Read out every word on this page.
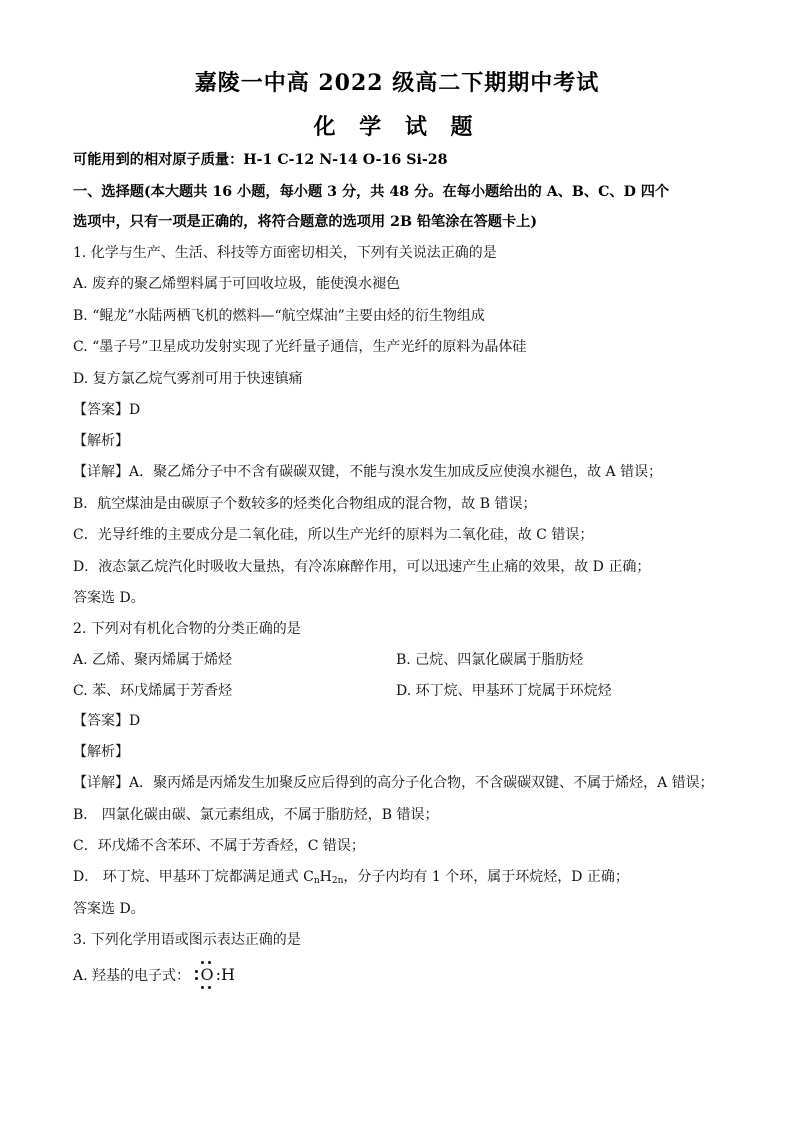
嘉陵一中高 2022 级高二下期期中考试
化 学 试 题
可能用到的相对原子质量：H-1 C-12 N-14 O-16 Si-28
一、选择题(本大题共 16 小题，每小题 3 分，共 48 分。在每小题给出的 A、B、C、D 四个
选项中，只有一项是正确的，将符合题意的选项用 2B 铅笔涂在答题卡上)
1. 化学与生产、生活、科技等方面密切相关，下列有关说法正确的是
A. 废弃的聚乙烯塑料属于可回收垃圾，能使溴水褪色
B. “鲲龙”水陆两栖飞机的燃料—“航空煤油”主要由烃的衍生物组成
C. “墨子号”卫星成功发射实现了光纤量子通信，生产光纤的原料为晶体硅
D. 复方氯乙烷气雾剂可用于快速镇痛
【答案】D
【解析】
【详解】A．聚乙烯分子中不含有碳碳双键，不能与溴水发生加成反应使溴水褪色，故 A 错误；
B．航空煤油是由碳原子个数较多的烃类化合物组成的混合物，故 B 错误；
C．光导纤维的主要成分是二氧化硅，所以生产光纤的原料为二氧化硅，故 C 错误；
D．液态氯乙烷汽化时吸收大量热，有冷冻麻醉作用，可以迅速产生止痛的效果，故 D 正确；
答案选 D。
2. 下列对有机化合物的分类正确的是
A. 乙烯、聚丙烯属于烯烃	B. 己烷、四氯化碳属于脂肪烃
C. 苯、环戊烯属于芳香烃	D. 环丁烷、甲基环丁烷属于环烷烃
【答案】D
【解析】
【详解】A．聚丙烯是丙烯发生加聚反应后得到的高分子化合物，不含碳碳双键、不属于烯烃，A 错误；
B． 四氯化碳由碳、氯元素组成，不属于脂肪烃，B 错误；
C．环戊烯不含苯环、不属于芳香烃，C 错误；
D． 环丁烷、甲基环丁烷都满足通式 $C_nH_{2n}$，分子内均有 1 个环，属于环烷烃，D 正确；
答案选 D。
3. 下列化学用语或图示表达正确的是
A. 羟基的电子式： O :H
